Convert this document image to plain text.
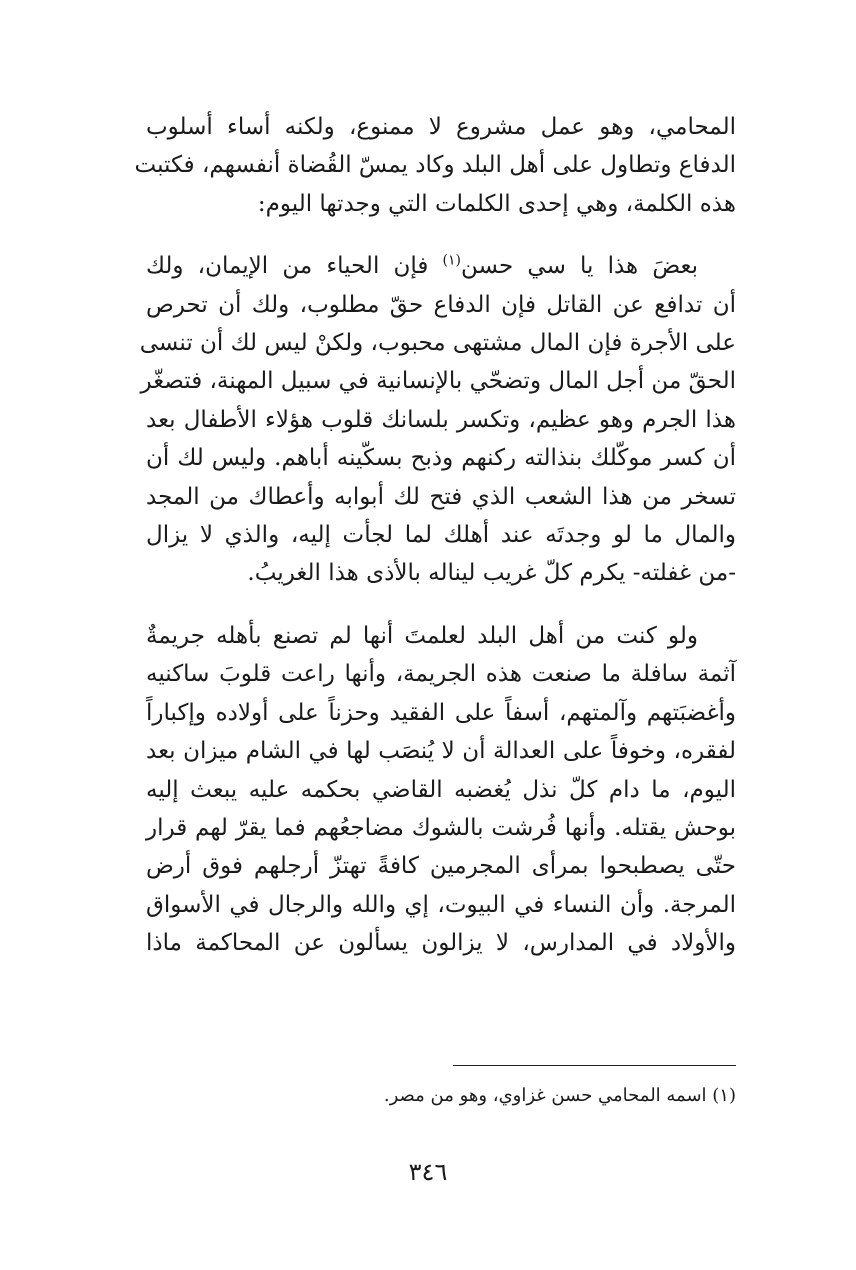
المحامي، وهو عمل مشروع لا ممنوع، ولكنه أساء أسلوب
الدفاع وتطاول على أهل البلد وكاد يمسّ القُضاة أنفسهم، فكتبت
هذه الكلمة، وهي إحدى الكلمات التي وجدتها اليوم:

بعضَ هذا يا سي حسن$^{(١)}$ فإن الحياء من الإيمان، ولك
أن تدافع عن القاتل فإن الدفاع حقّ مطلوب، ولك أن تحرص
على الأجرة فإن المال مشتهى محبوب، ولكنْ ليس لك أن تنسى
الحقّ من أجل المال وتضحّي بالإنسانية في سبيل المهنة، فتصغّر
هذا الجرم وهو عظيم، وتكسر بلسانك قلوب هؤلاء الأطفال بعد
أن كسر موكّلك بنذالته ركنهم وذبح بسكّينه أباهم. وليس لك أن
تسخر من هذا الشعب الذي فتح لك أبوابه وأعطاك من المجد
والمال ما لو وجدتَه عند أهلك لما لجأت إليه، والذي لا يزال
-من غفلته- يكرم كلّ غريب ليناله بالأذى هذا الغريبُ.

ولو كنت من أهل البلد لعلمتَ أنها لم تصنع بأهله جريمةٌ
آثمة سافلة ما صنعت هذه الجريمة، وأنها راعت قلوبَ ساكنيه
وأغضبَتهم وآلمتهم، أسفاً على الفقيد وحزناً على أولاده وإكباراً
لفقره، وخوفاً على العدالة أن لا يُنصَب لها في الشام ميزان بعد
اليوم، ما دام كلّ نذل يُغضبه القاضي بحكمه عليه يبعث إليه
بوحش يقتله. وأنها فُرشت بالشوك مضاجعُهم فما يقرّ لهم قرار
حتّى يصطبحوا بمرأى المجرمين كافةً تهتزّ أرجلهم فوق أرض
المرجة. وأن النساء في البيوت، إي والله والرجال في الأسواق
والأولاد في المدارس، لا يزالون يسألون عن المحاكمة ماذا

(١) اسمه المحامي حسن غزاوي، وهو من مصر.
٣٤٦
